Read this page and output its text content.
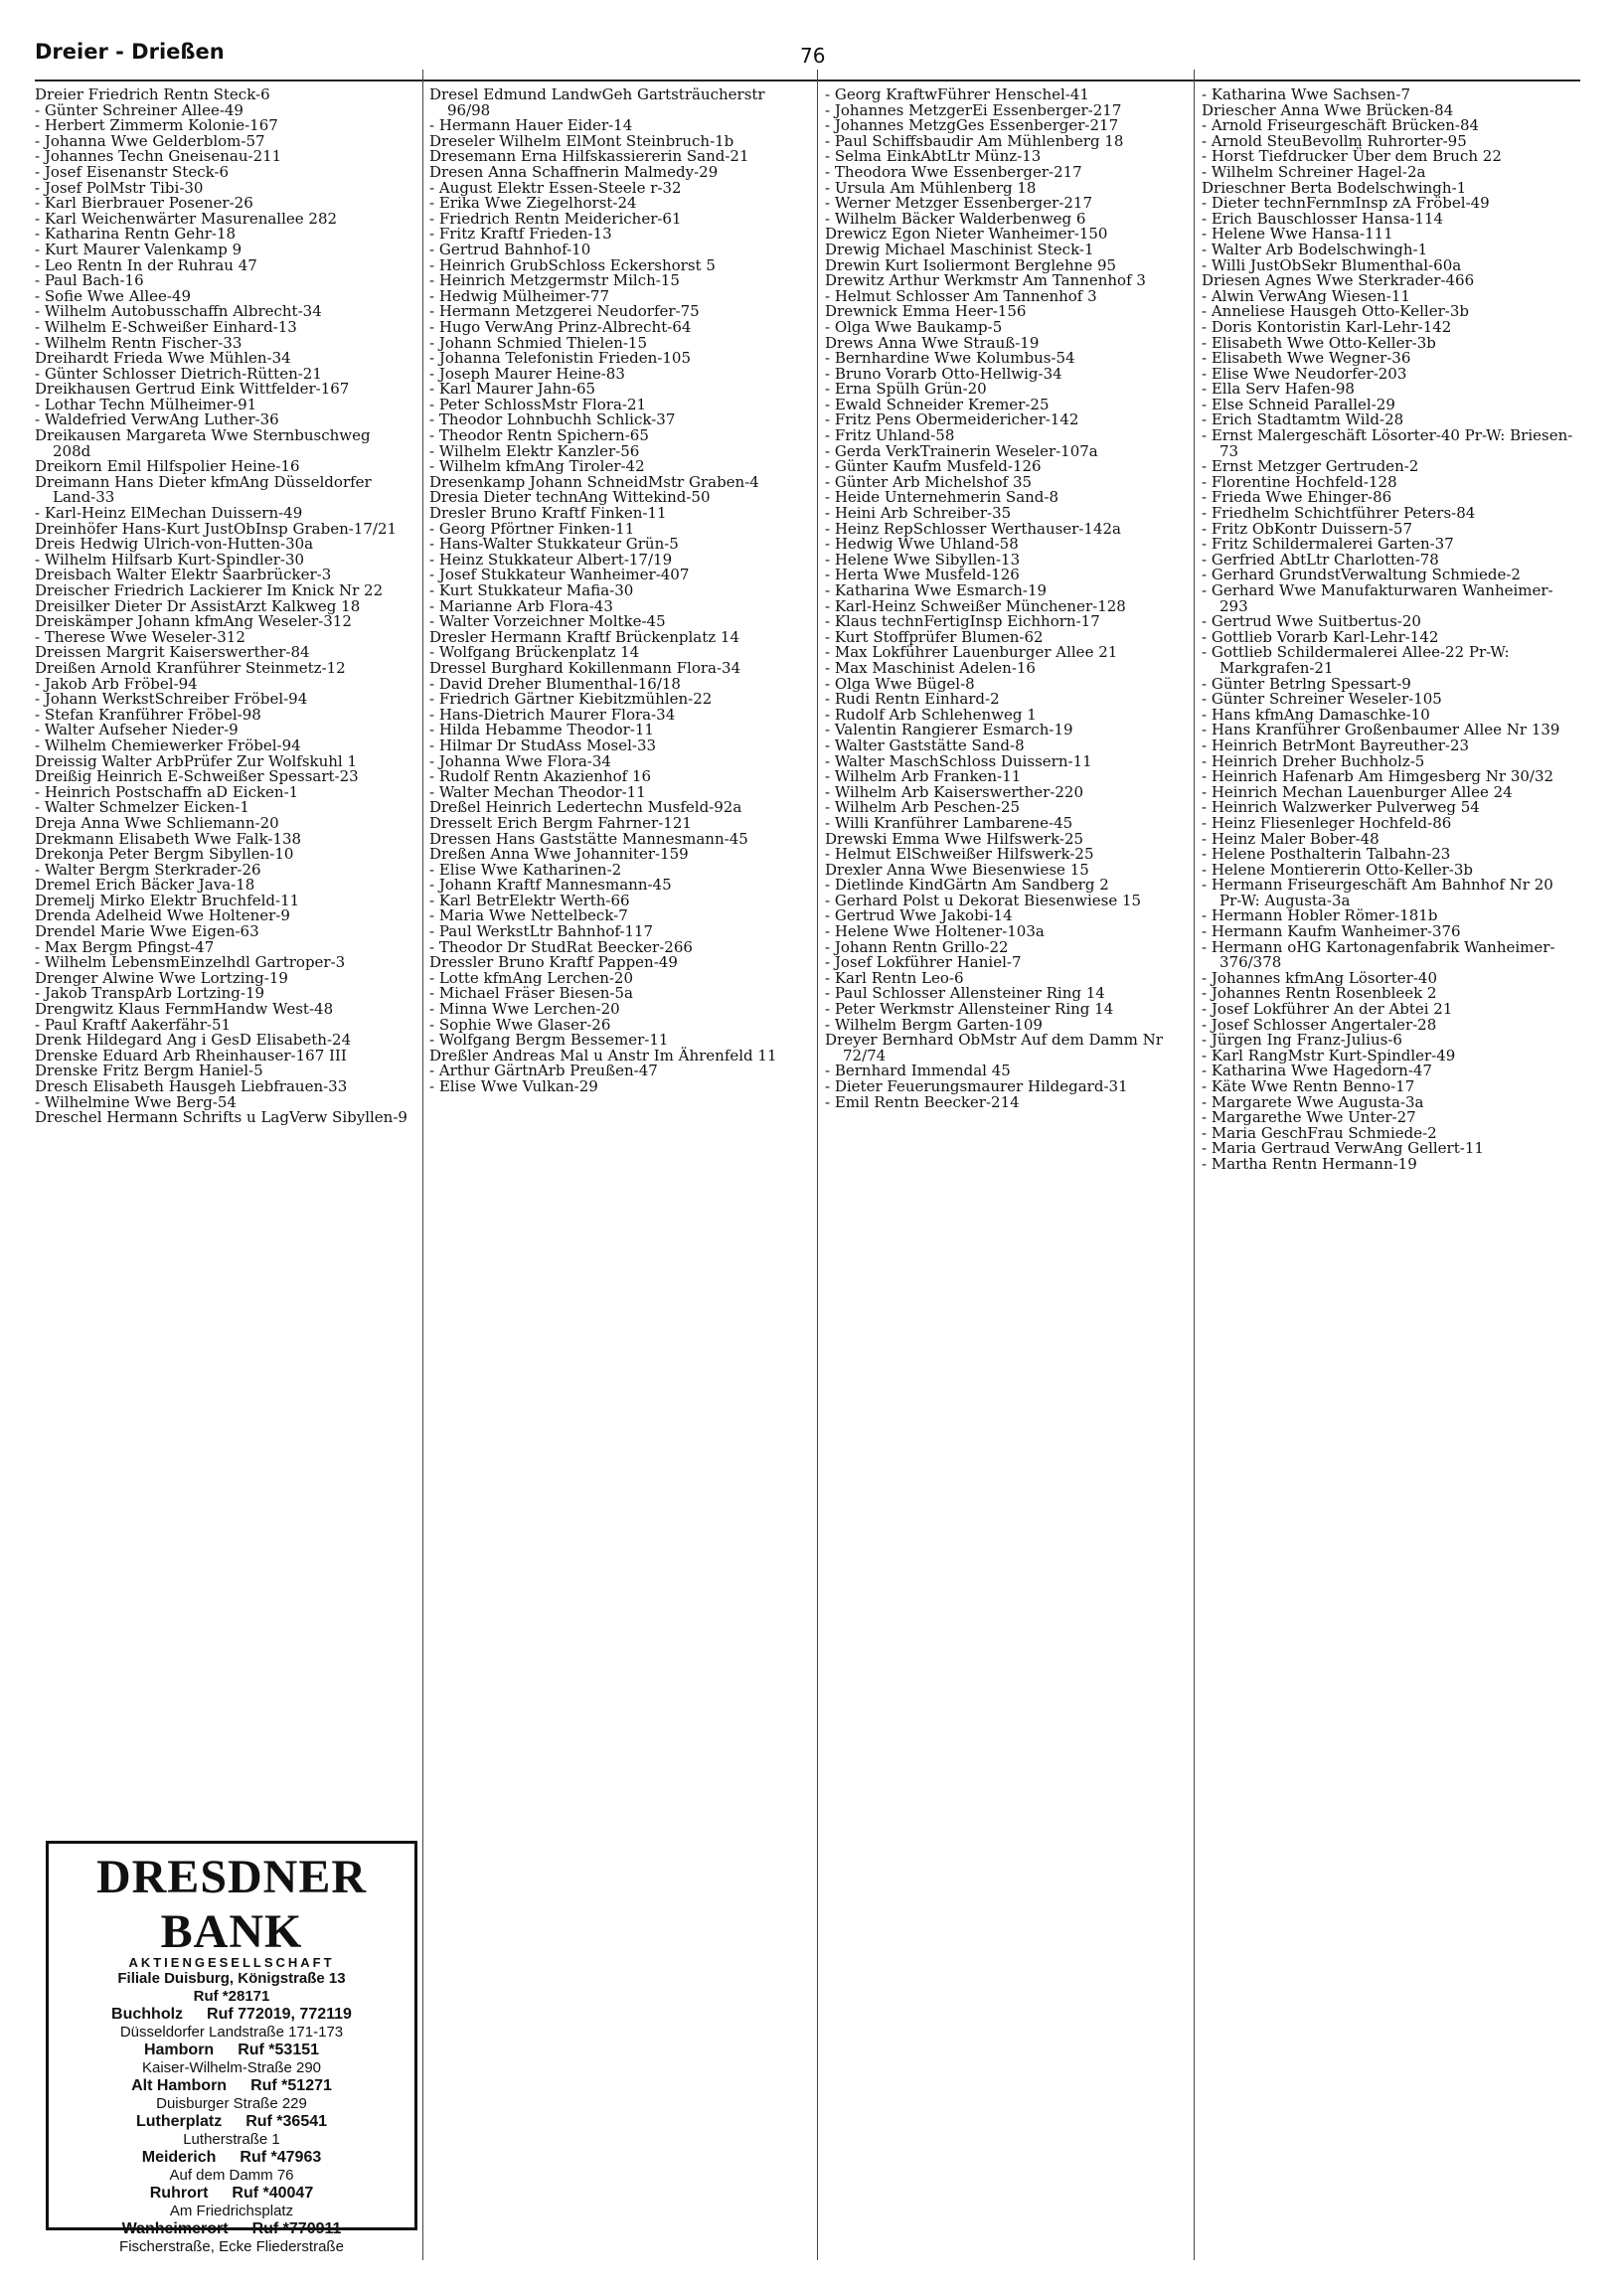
Dreier - Drießen	76

Dreier Friedrich Rentn Steck-6

- Günter Schreiner Allee-49

- Herbert Zimmerm Kolonie-167

- Johanna Wwe Gelderblom-57

- Johannes Techn Gneisenau-211

- Josef Eisenanstr Steck-6

- Josef PolMstr Tibi-30

- Karl Bierbrauer Posener-26

- Karl Weichenwärter Masurenallee 282

- Katharina Rentn Gehr-18

- Kurt Maurer Valenkamp 9

- Leo Rentn In der Ruhrau 47

- Paul Bach-16

- Sofie Wwe Allee-49

- Wilhelm Autobusschaffn Albrecht-34

- Wilhelm E-Schweißer Einhard-13

- Wilhelm Rentn Fischer-33

Dreihardt Frieda Wwe Mühlen-34

- Günter Schlosser Dietrich-Rütten-21

Dreikhausen Gertrud Eink Wittfelder-167

- Lothar Techn Mülheimer-91

- Waldefried VerwAng Luther-36

Dreikausen Margareta Wwe Sternbuschweg 208d

Dreikorn Emil Hilfspolier Heine-16

Dreimann Hans Dieter kfmAng Düsseldorfer Land-33

- Karl-Heinz ElMechan Duissern-49

Dreinhöfer Hans-Kurt JustObInsp Graben-17/21

Dreis Hedwig Ulrich-von-Hutten-30a

- Wilhelm Hilfsarb Kurt-Spindler-30

Dreisbach Walter Elektr Saarbrücker-3

Dreischer Friedrich Lackierer Im Knick Nr 22

Dreisilker Dieter Dr AssistArzt Kalkweg 18

Dreiskämper Johann kfmAng Weseler-312

- Therese Wwe Weseler-312

Dreissen Margrit Kaiserswerther-84

Dreißen Arnold Kranführer Steinmetz-12

- Jakob Arb Fröbel-94

- Johann WerkstSchreiber Fröbel-94

- Stefan Kranführer Fröbel-98

- Walter Aufseher Nieder-9

- Wilhelm Chemiewerker Fröbel-94

Dreissig Walter ArbPrüfer Zur Wolfskuhl 1

Dreißig Heinrich E-Schweißer Spessart-23

- Heinrich Postschaffn aD Eicken-1

- Walter Schmelzer Eicken-1

Dreja Anna Wwe Schliemann-20

Drekmann Elisabeth Wwe Falk-138

Drekonja Peter Bergm Sibyllen-10

- Walter Bergm Sterkrader-26

Dremel Erich Bäcker Java-18

Dremelj Mirko Elektr Bruchfeld-11

Drenda Adelheid Wwe Holtener-9

Drendel Marie Wwe Eigen-63

- Max Bergm Pfingst-47

- Wilhelm LebensmEinzelhdl Gartroper-3

Drenger Alwine Wwe Lortzing-19

- Jakob TranspArb Lortzing-19

Drengwitz Klaus FernmHandw West-48

- Paul Kraftf Aakerfähr-51

Drenk Hildegard Ang i GesD Elisabeth-24

Drenske Eduard Arb Rheinhauser-167 III

Drenske Fritz Bergm Haniel-5

Dresch Elisabeth Hausgeh Liebfrauen-33

- Wilhelmine Wwe Berg-54

Dreschel Hermann Schrifts u LagVerw Sibyllen-9

Dresel Edmund LandwGeh Gartsträucherstr 96/98

- Hermann Hauer Eider-14

Dreseler Wilhelm ElMont Steinbruch-1b

Dresemann Erna Hilfskassiererin Sand-21

Dresen Anna Schaffnerin Malmedy-29

- August Elektr Essen-Steele r-32

- Erika Wwe Ziegelhorst-24

- Friedrich Rentn Meidericher-61

- Fritz Kraftf Frieden-13

- Gertrud Bahnhof-10

- Heinrich GrubSchloss Eckershorst 5

- Heinrich Metzgermstr Milch-15

- Hedwig Mülheimer-77

- Hermann Metzgerei Neudorfer-75

- Hugo VerwAng Prinz-Albrecht-64

- Johann Schmied Thielen-15

- Johanna Telefonistin Frieden-105

- Joseph Maurer Heine-83

- Karl Maurer Jahn-65

- Peter SchlossMstr Flora-21

- Theodor Lohnbuchh Schlick-37

- Theodor Rentn Spichern-65

- Wilhelm Elektr Kanzler-56

- Wilhelm kfmAng Tiroler-42

Dresenkamp Johann SchneidMstr Graben-4

Dresia Dieter technAng Wittekind-50

Dresler Bruno Kraftf Finken-11

- Georg Pförtner Finken-11

- Hans-Walter Stukkateur Grün-5

- Heinz Stukkateur Albert-17/19

- Josef Stukkateur Wanheimer-407

- Kurt Stukkateur Mafia-30

- Marianne Arb Flora-43

- Walter Vorzeichner Moltke-45

Dresler Hermann Kraftf Brückenplatz 14

- Wolfgang Brückenplatz 14

Dressel Burghard Kokillenmann Flora-34

- David Dreher Blumenthal-16/18

- Friedrich Gärtner Kiebitzmühlen-22

- Hans-Dietrich Maurer Flora-34

- Hilda Hebamme Theodor-11

- Hilmar Dr StudAss Mosel-33

- Johanna Wwe Flora-34

- Rudolf Rentn Akazienhof 16

- Walter Mechan Theodor-11

Dreßel Heinrich Ledertechn Musfeld-92a

Dresselt Erich Bergm Fahrner-121

Dressen Hans Gaststätte Mannesmann-45

Dreßen Anna Wwe Johanniter-159

- Elise Wwe Katharinen-2

- Johann Kraftf Mannesmann-45

- Karl BetrElektr Werth-66

- Maria Wwe Nettelbeck-7

- Paul WerkstLtr Bahnhof-117

- Theodor Dr StudRat Beecker-266

Dressler Bruno Kraftf Pappen-49

- Lotte kfmAng Lerchen-20

- Michael Fräser Biesen-5a

- Minna Wwe Lerchen-20

- Sophie Wwe Glaser-26

- Wolfgang Bergm Bessemer-11

Dreßler Andreas Mal u Anstr Im Ährenfeld 11

- Arthur GärtnArb Preußen-47

- Elise Wwe Vulkan-29

- Georg KraftwFührer Henschel-41

- Johannes MetzgerEi Essenberger-217

- Johannes MetzgGes Essenberger-217

- Paul Schiffsbaudir Am Mühlenberg 18

- Selma EinkAbtLtr Münz-13

- Theodora Wwe Essenberger-217

- Ursula Am Mühlenberg 18

- Werner Metzger Essenberger-217

- Wilhelm Bäcker Walderbenweg 6

Drewicz Egon Nieter Wanheimer-150

Drewig Michael Maschinist Steck-1

Drewin Kurt Isoliermont Berglehne 95

Drewitz Arthur Werkmstr Am Tannenhof 3

- Helmut Schlosser Am Tannenhof 3

Drewnick Emma Heer-156

- Olga Wwe Baukamp-5

Drews Anna Wwe Strauß-19

- Bernhardine Wwe Kolumbus-54

- Bruno Vorarb Otto-Hellwig-34

- Erna Spülh Grün-20

- Ewald Schneider Kremer-25

- Fritz Pens Obermeidericher-142

- Fritz Uhland-58

- Gerda VerkTrainerin Weseler-107a

- Günter Kaufm Musfeld-126

- Günter Arb Michelshof 35

- Heide Unternehmerin Sand-8

- Heini Arb Schreiber-35

- Heinz RepSchlosser Werthauser-142a

- Hedwig Wwe Uhland-58

- Helene Wwe Sibyllen-13

- Herta Wwe Musfeld-126

- Katharina Wwe Esmarch-19

- Karl-Heinz Schweißer Münchener-128

- Klaus technFertigInsp Eichhorn-17

- Kurt Stoffprüfer Blumen-62

- Max Lokführer Lauenburger Allee 21

- Max Maschinist Adelen-16

- Olga Wwe Bügel-8

- Rudi Rentn Einhard-2

- Rudolf Arb Schlehenweg 1

- Valentin Rangierer Esmarch-19

- Walter Gaststätte Sand-8

- Walter MaschSchloss Duissern-11

- Wilhelm Arb Franken-11

- Wilhelm Arb Kaiserswerther-220

- Wilhelm Arb Peschen-25

- Willi Kranführer Lambarene-45

Drewski Emma Wwe Hilfswerk-25

- Helmut ElSchweißer Hilfswerk-25

Drexler Anna Wwe Biesenwiese 15

- Dietlinde KindGärtn Am Sandberg 2

- Gerhard Polst u Dekorat Biesenwiese 15

- Gertrud Wwe Jakobi-14

- Helene Wwe Holtener-103a

- Johann Rentn Grillo-22

- Josef Lokführer Haniel-7

- Karl Rentn Leo-6

- Paul Schlosser Allensteiner Ring 14

- Peter Werkmstr Allensteiner Ring 14

- Wilhelm Bergm Garten-109

Dreyer Bernhard ObMstr Auf dem Damm Nr 72/74

- Bernhard Immendal 45

- Dieter Feuerungsmaurer Hildegard-31

- Emil Rentn Beecker-214

- Katharina Wwe Sachsen-7

Driescher Anna Wwe Brücken-84

- Arnold Friseurgeschäft Brücken-84

- Arnold SteuBevollm Ruhrorter-95

- Horst Tiefdrucker Über dem Bruch 22

- Wilhelm Schreiner Hagel-2a

Drieschner Berta Bodelschwingh-1

- Dieter technFernmInsp zA Fröbel-49

- Erich Bauschlosser Hansa-114

- Helene Wwe Hansa-111

- Walter Arb Bodelschwingh-1

- Willi JustObSekr Blumenthal-60a

Driesen Agnes Wwe Sterkrader-466

- Alwin VerwAng Wiesen-11

- Anneliese Hausgeh Otto-Keller-3b

- Doris Kontoristin Karl-Lehr-142

- Elisabeth Wwe Otto-Keller-3b

- Elisabeth Wwe Wegner-36

- Elise Wwe Neudorfer-203

- Ella Serv Hafen-98

- Else Schneid Parallel-29

- Erich Stadtamtm Wild-28

- Ernst Malergeschäft Lösorter-40 Pr-W: Briesen-73

- Ernst Metzger Gertruden-2

- Florentine Hochfeld-128

- Frieda Wwe Ehinger-86

- Friedhelm Schichtführer Peters-84

- Fritz ObKontr Duissern-57

- Fritz Schildermalerei Garten-37

- Gerfried AbtLtr Charlotten-78

- Gerhard GrundstVerwaltung Schmiede-2

- Gerhard Wwe Manufakturwaren Wanheimer-293

- Gertrud Wwe Suitbertus-20

- Gottlieb Vorarb Karl-Lehr-142

- Gottlieb Schildermalerei Allee-22 Pr-W: Markgrafen-21

- Günter Betrlng Spessart-9

- Günter Schreiner Weseler-105

- Hans kfmAng Damaschke-10

- Hans Kranführer Großenbaumer Allee Nr 139

- Heinrich BetrMont Bayreuther-23

- Heinrich Dreher Buchholz-5

- Heinrich Hafenarb Am Himgesberg Nr 30/32

- Heinrich Mechan Lauenburger Allee 24

- Heinrich Walzwerker Pulverweg 54

- Heinz Fliesenleger Hochfeld-86

- Heinz Maler Bober-48

- Helene Posthalterin Talbahn-23

- Helene Montiererin Otto-Keller-3b

- Hermann Friseurgeschäft Am Bahnhof Nr 20 Pr-W: Augusta-3a

- Hermann Hobler Römer-181b

- Hermann Kaufm Wanheimer-376

- Hermann oHG Kartonagenfabrik Wanheimer-376/378

- Johannes kfmAng Lösorter-40

- Johannes Rentn Rosenbleek 2

- Josef Lokführer An der Abtei 21

- Josef Schlosser Angertaler-28

- Jürgen Ing Franz-Julius-6

- Karl RangMstr Kurt-Spindler-49

- Katharina Wwe Hagedorn-47

- Käte Wwe Rentn Benno-17

- Margarete Wwe Augusta-3a

- Margarethe Wwe Unter-27

- Maria GeschFrau Schmiede-2

- Maria Gertraud VerwAng Gellert-11

- Martha Rentn Hermann-19

DRESDNER BANK
AKTIENGESELLSCHAFT
Filiale Duisburg, Königstraße 13
Ruf *28171
Buchholz Ruf 772019, 772119
Düsseldorfer Landstraße 171-173
Hamborn Ruf *53151
Kaiser-Wilhelm-Straße 290
Alt Hamborn Ruf *51271
Duisburger Straße 229
Lutherplatz Ruf *36541
Lutherstraße 1
Meiderich Ruf *47963
Auf dem Damm 76
Ruhrort Ruf *40047
Am Friedrichsplatz
Wanheimerort Ruf *770911
Fischerstraße, Ecke Fliederstraße
